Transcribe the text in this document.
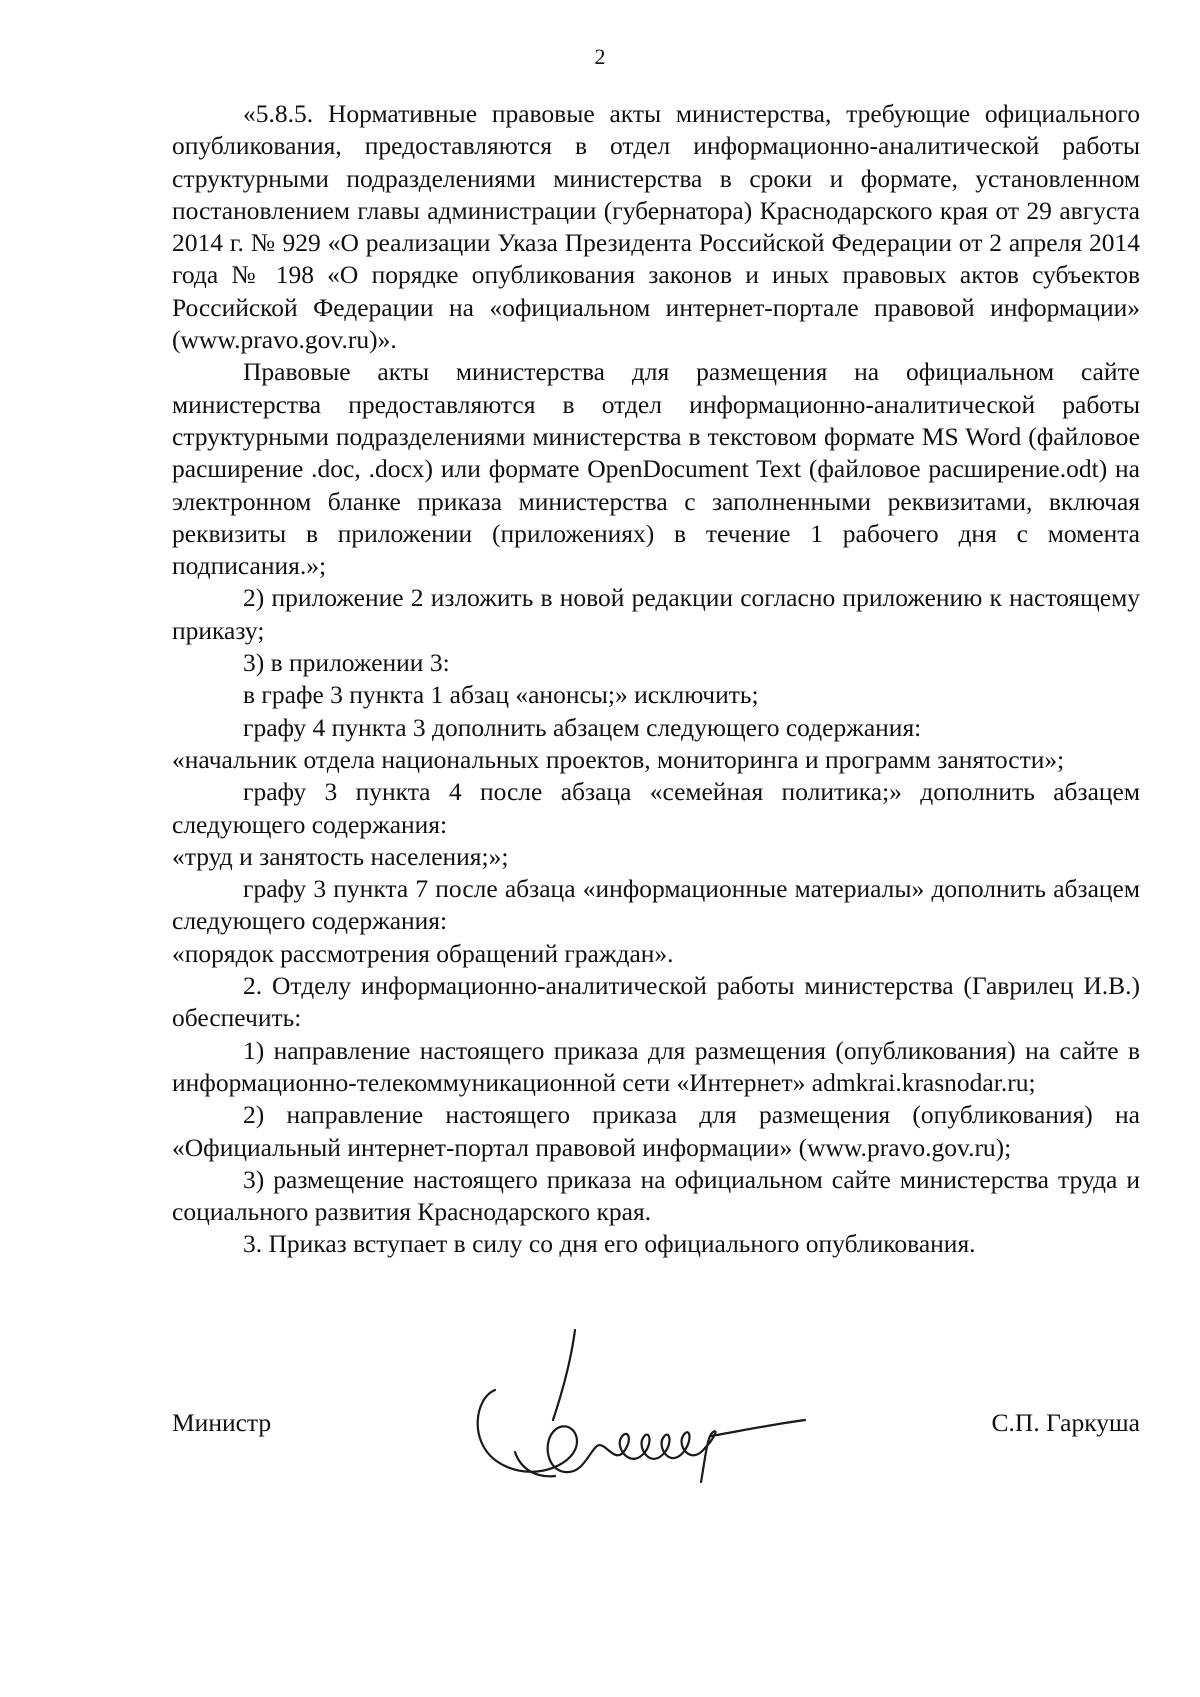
2

«5.8.5. Нормативные правовые акты министерства, требующие официального опубликования, предоставляются в отдел информационно-аналитической работы структурными подразделениями министерства в сроки и формате, установленном постановлением главы администрации (губернатора) Краснодарского края от 29 августа 2014 г. № 929 «О реализации Указа Президента Российской Федерации от 2 апреля 2014 года № 198 «О порядке опубликования законов и иных правовых актов субъектов Российской Федерации на «официальном интернет-портале правовой информации» (www.pravo.gov.ru)».

Правовые акты министерства для размещения на официальном сайте министерства предоставляются в отдел информационно-аналитической работы структурными подразделениями министерства в текстовом формате MS Word (файловое расширение .doc, .docx) или формате OpenDocument Text (файловое расширение.odt) на электронном бланке приказа министерства с заполненными реквизитами, включая реквизиты в приложении (приложениях) в течение 1 рабочего дня с момента подписания.»;

2) приложение 2 изложить в новой редакции согласно приложению к настоящему приказу;

3) в приложении 3:

в графе 3 пункта 1 абзац «анонсы;» исключить;

графу 4 пункта 3 дополнить абзацем следующего содержания:

«начальник отдела национальных проектов, мониторинга и программ занятости»;

графу 3 пункта 4 после абзаца «семейная политика;» дополнить абзацем следующего содержания:

«труд и занятость населения;»;

графу 3 пункта 7 после абзаца «информационные материалы» дополнить абзацем следующего содержания:

«порядок рассмотрения обращений граждан».

2. Отделу информационно-аналитической работы министерства (Гаврилец И.В.) обеспечить:

1) направление настоящего приказа для размещения (опубликования) на сайте в информационно-телекоммуникационной сети «Интернет» admkrai.krasnodar.ru;

2) направление настоящего приказа для размещения (опубликования) на «Официальный интернет-портал правовой информации» (www.pravo.gov.ru);

3) размещение настоящего приказа на официальном сайте министерства труда и социального развития Краснодарского края.

3. Приказ вступает в силу со дня его официального опубликования.

Министр	С.П. Гаркуша
